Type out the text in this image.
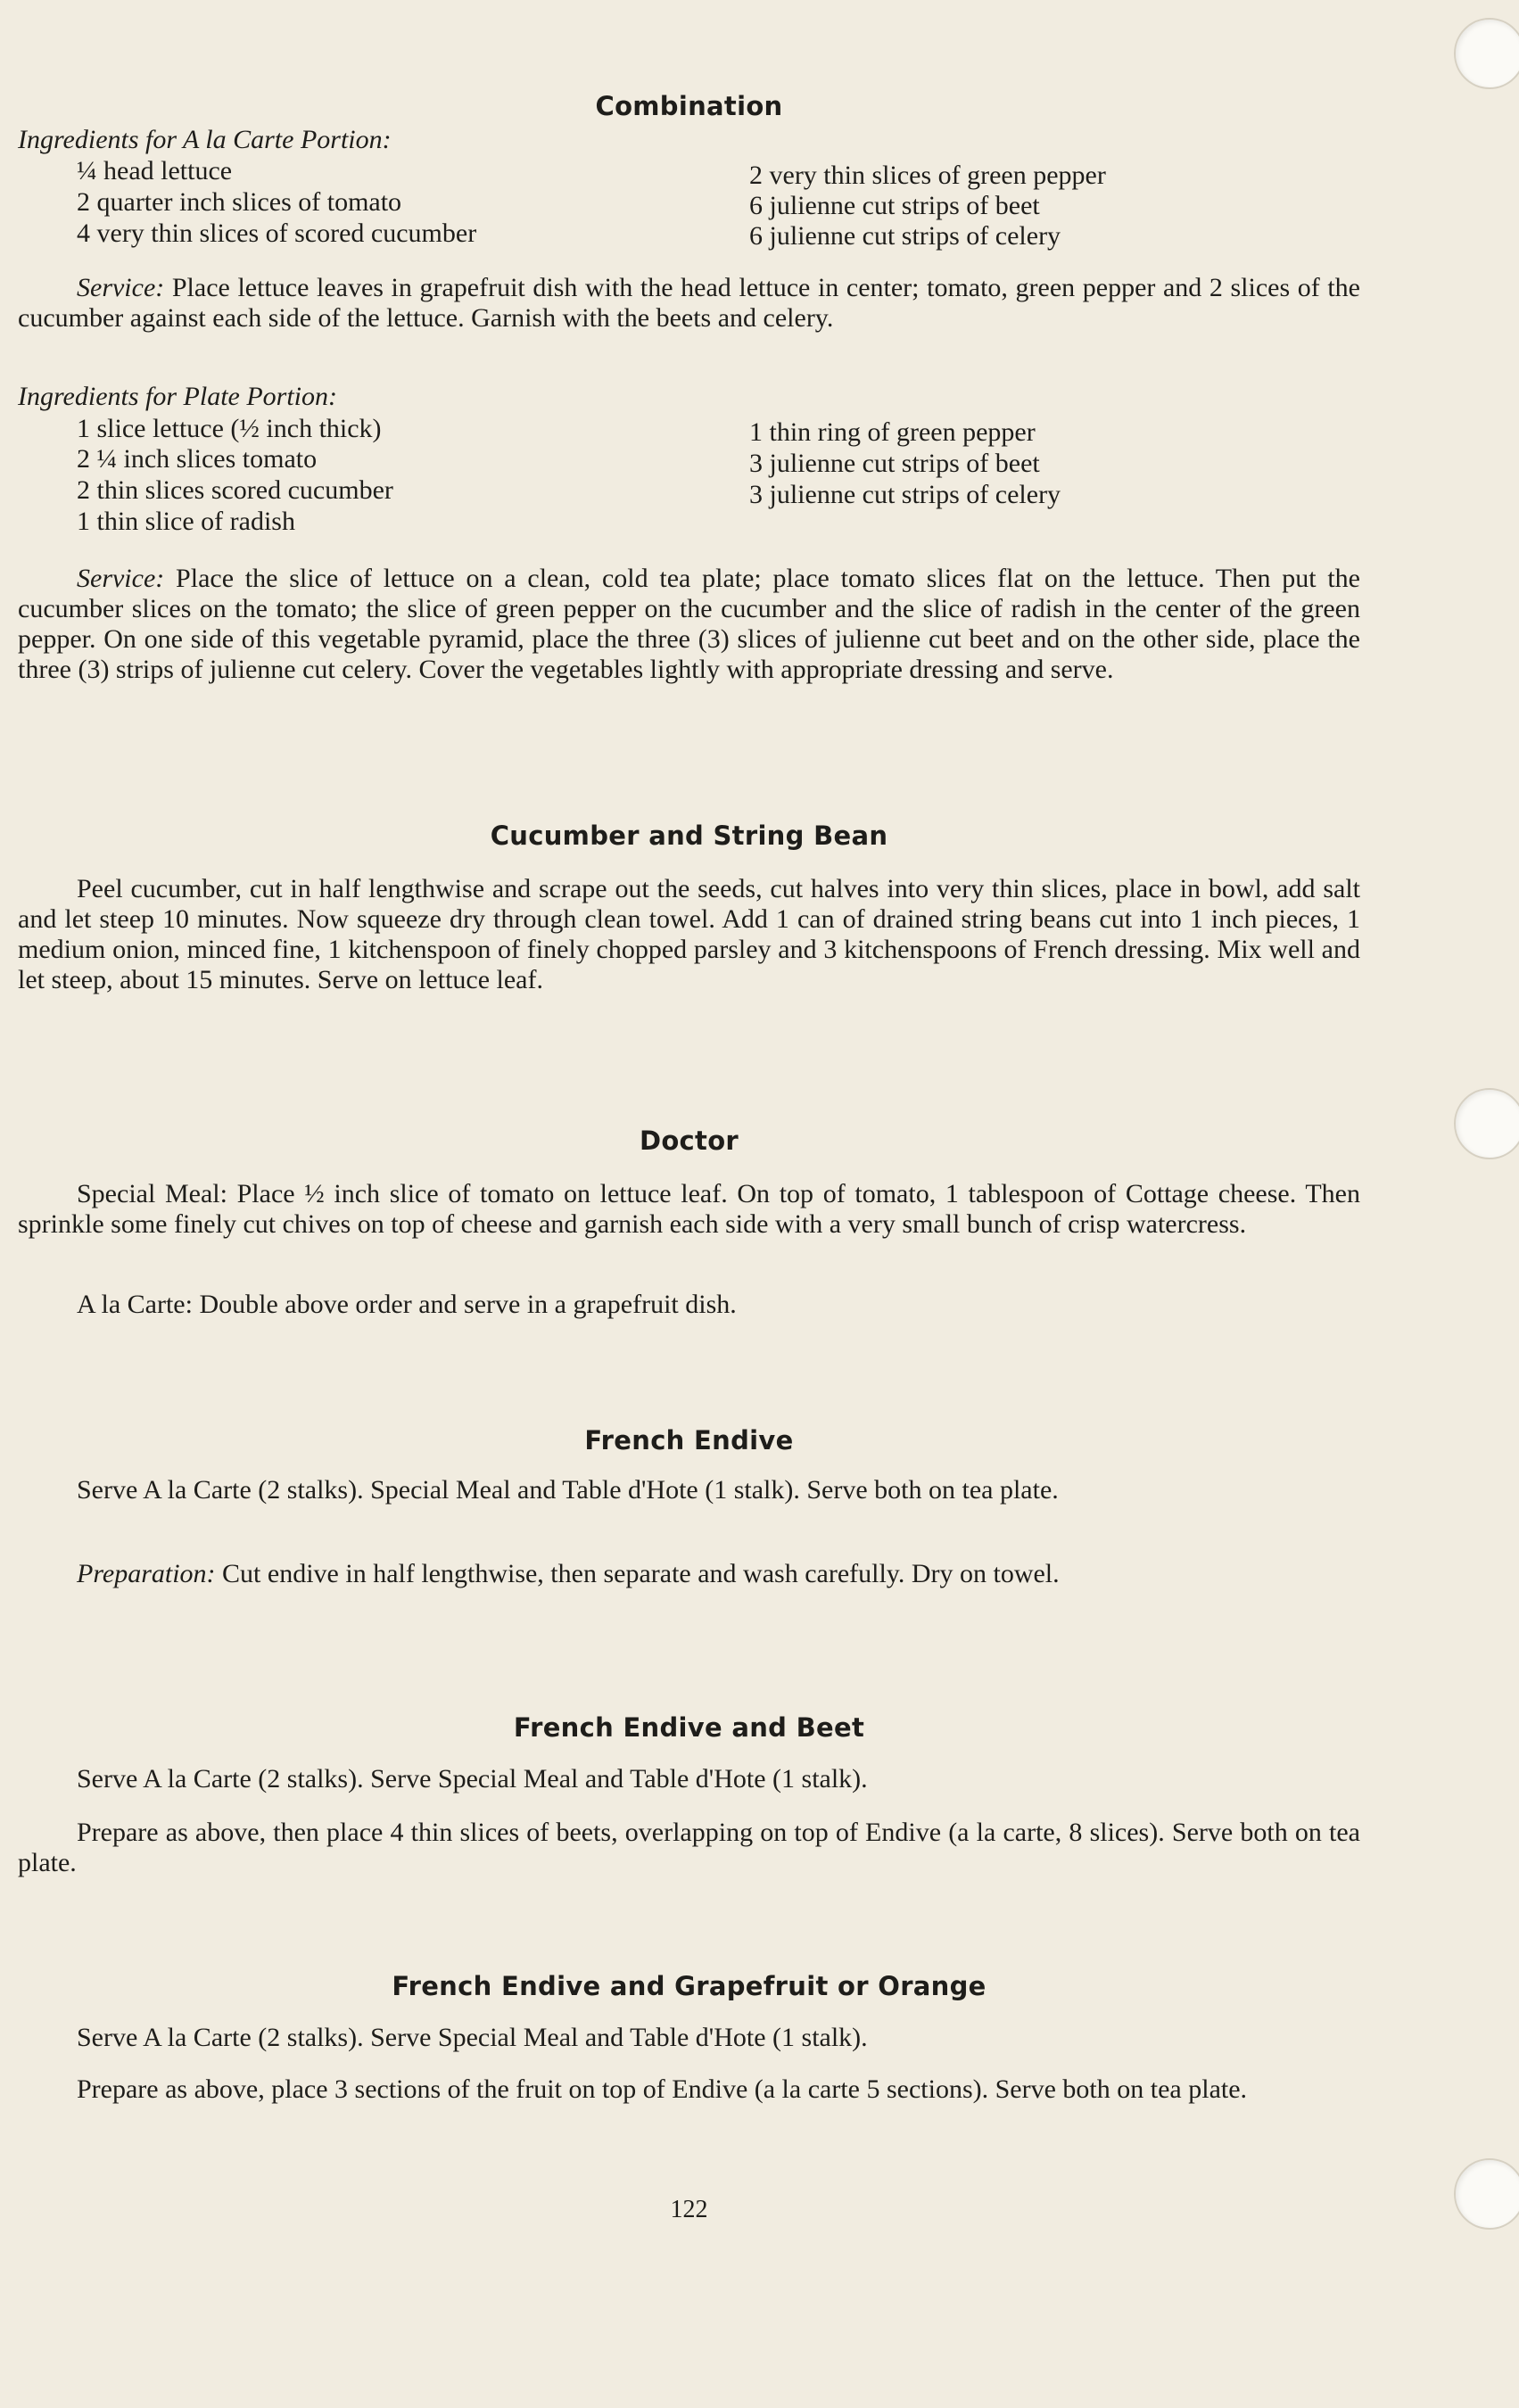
Combination
Ingredients for A la Carte Portion:
¼ head lettuce
2 quarter inch slices of tomato
4 very thin slices of scored cucumber
2 very thin slices of green pepper
6 julienne cut strips of beet
6 julienne cut strips of celery
Service: Place lettuce leaves in grapefruit dish with the head lettuce in center; tomato, green pepper and 2 slices of the cucumber against each side of the lettuce. Garnish with the beets and celery.
Ingredients for Plate Portion:
1 slice lettuce (½ inch thick)
2 ¼ inch slices tomato
2 thin slices scored cucumber
1 thin slice of radish
1 thin ring of green pepper
3 julienne cut strips of beet
3 julienne cut strips of celery
Service: Place the slice of lettuce on a clean, cold tea plate; place tomato slices flat on the lettuce. Then put the cucumber slices on the tomato; the slice of green pepper on the cucumber and the slice of radish in the center of the green pepper. On one side of this vegetable pyramid, place the three (3) slices of julienne cut beet and on the other side, place the three (3) strips of julienne cut celery. Cover the vegetables lightly with appropriate dressing and serve.
Cucumber and String Bean
Peel cucumber, cut in half lengthwise and scrape out the seeds, cut halves into very thin slices, place in bowl, add salt and let steep 10 minutes. Now squeeze dry through clean towel. Add 1 can of drained string beans cut into 1 inch pieces, 1 medium onion, minced fine, 1 kitchenspoon of finely chopped parsley and 3 kitchenspoons of French dressing. Mix well and let steep, about 15 minutes. Serve on lettuce leaf.
Doctor
Special Meal: Place ½ inch slice of tomato on lettuce leaf. On top of tomato, 1 tablespoon of Cottage cheese. Then sprinkle some finely cut chives on top of cheese and garnish each side with a very small bunch of crisp watercress.
A la Carte: Double above order and serve in a grapefruit dish.
French Endive
Serve A la Carte (2 stalks). Special Meal and Table d'Hote (1 stalk). Serve both on tea plate.
Preparation: Cut endive in half lengthwise, then separate and wash carefully. Dry on towel.
French Endive and Beet
Serve A la Carte (2 stalks). Serve Special Meal and Table d'Hote (1 stalk).
Prepare as above, then place 4 thin slices of beets, overlapping on top of Endive (a la carte, 8 slices). Serve both on tea plate.
French Endive and Grapefruit or Orange
Serve A la Carte (2 stalks). Serve Special Meal and Table d'Hote (1 stalk).
Prepare as above, place 3 sections of the fruit on top of Endive (a la carte 5 sections). Serve both on tea plate.
122
